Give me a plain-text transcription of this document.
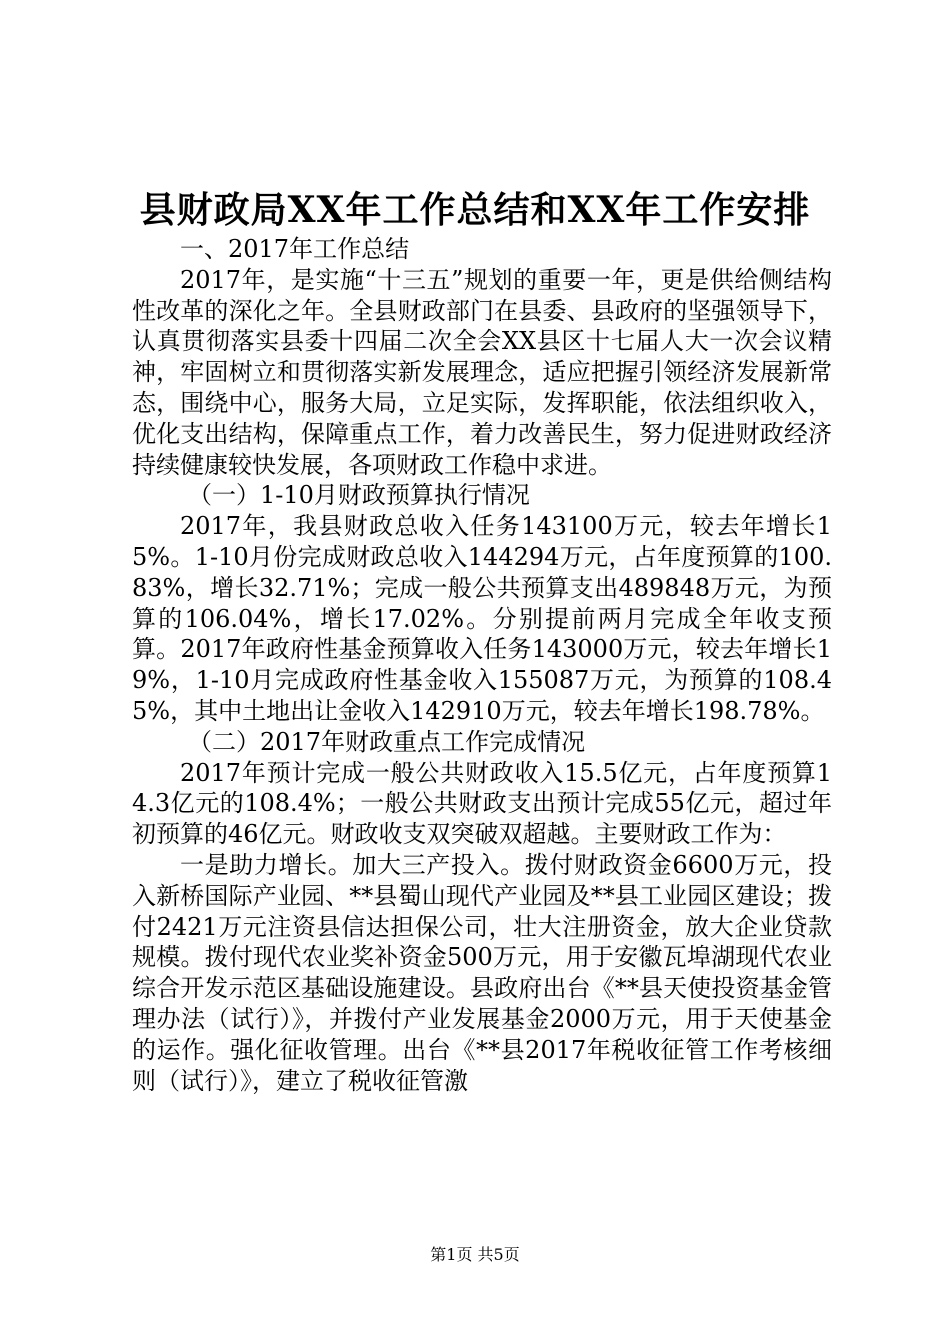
县财政局XX年工作总结和XX年工作安排

一、2017年工作总结

2017年，是实施“十三五”规划的重要一年，更是供给侧结构性改革的深化之年。全县财政部门在县委、县政府的坚强领导下，认真贯彻落实县委十四届二次全会XX县区十七届人大一次会议精神，牢固树立和贯彻落实新发展理念，适应把握引领经济发展新常态，围绕中心，服务大局，立足实际，发挥职能，依法组织收入，优化支出结构，保障重点工作，着力改善民生，努力促进财政经济持续健康较快发展，各项财政工作稳中求进。

（一）1-10月财政预算执行情况

2017年，我县财政总收入任务143100万元，较去年增长15%。1-10月份完成财政总收入144294万元，占年度预算的100.83%，增长32.71%；完成一般公共预算支出489848万元，为预算的106.04%，增长17.02%。分别提前两月完成全年收支预算。2017年政府性基金预算收入任务143000万元，较去年增长19%，1-10月完成政府性基金收入155087万元，为预算的108.45%，其中土地出让金收入142910万元，较去年增长198.78%。

（二）2017年财政重点工作完成情况

2017年预计完成一般公共财政收入15.5亿元，占年度预算14.3亿元的108.4%；一般公共财政支出预计完成55亿元，超过年初预算的46亿元。财政收支双突破双超越。主要财政工作为：

一是助力增长。加大三产投入。拨付财政资金6600万元，投入新桥国际产业园、**县蜀山现代产业园及**县工业园区建设；拨付2421万元注资县信达担保公司，壮大注册资金，放大企业贷款规模。拨付现代农业奖补资金500万元，用于安徽瓦埠湖现代农业综合开发示范区基础设施建设。县政府出台《**县天使投资基金管理办法（试行）》，并拨付产业发展基金2000万元，用于天使基金的运作。强化征收管理。出台《**县2017年税收征管工作考核细则（试行）》，建立了税收征管激

第1页 共5页
